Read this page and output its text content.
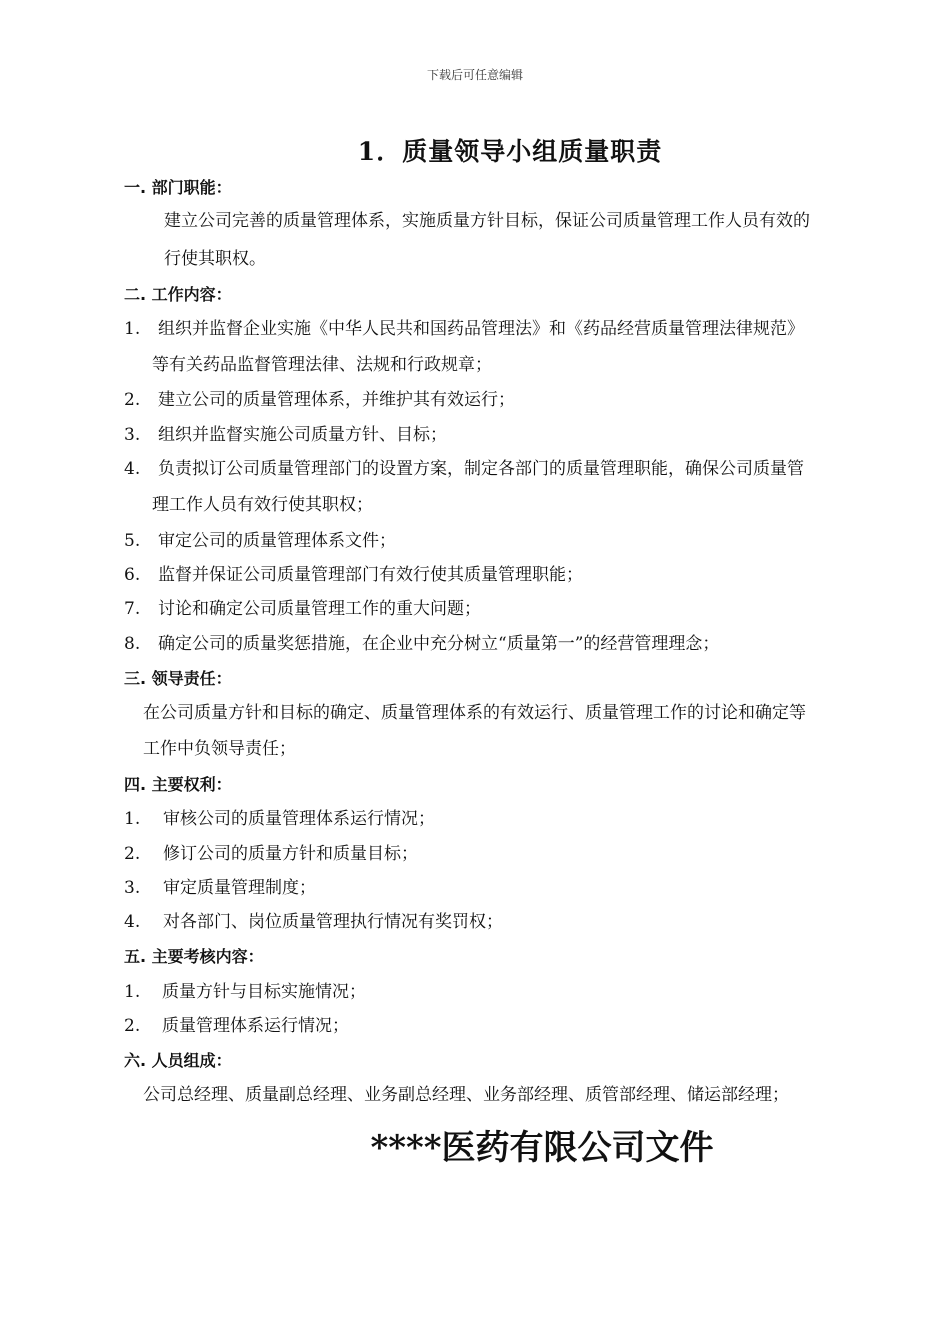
下载后可任意编辑
1．质量领导小组质量职责
一. 部门职能：
建立公司完善的质量管理体系，实施质量方针目标，保证公司质量管理工作人员有效的
行使其职权。
二. 工作内容：
1. 组织并监督企业实施《中华人民共和国药品管理法》和《药品经营质量管理法律规范》
等有关药品监督管理法律、法规和行政规章；
2. 建立公司的质量管理体系，并维护其有效运行；
3. 组织并监督实施公司质量方针、目标；
4. 负责拟订公司质量管理部门的设置方案，制定各部门的质量管理职能，确保公司质量管
理工作人员有效行使其职权；
5. 审定公司的质量管理体系文件；
6. 监督并保证公司质量管理部门有效行使其质量管理职能；
7. 讨论和确定公司质量管理工作的重大问题；
8. 确定公司的质量奖惩措施，在企业中充分树立“质量第一”的经营管理理念；
三. 领导责任：
在公司质量方针和目标的确定、质量管理体系的有效运行、质量管理工作的讨论和确定等
工作中负领导责任；
四. 主要权利：
1. 审核公司的质量管理体系运行情况；
2. 修订公司的质量方针和质量目标；
3. 审定质量管理制度；
4. 对各部门、岗位质量管理执行情况有奖罚权；
五. 主要考核内容：
1. 质量方针与目标实施情况；
2. 质量管理体系运行情况；
六. 人员组成：
公司总经理、质量副总经理、业务副总经理、业务部经理、质管部经理、储运部经理；
****医药有限公司文件
